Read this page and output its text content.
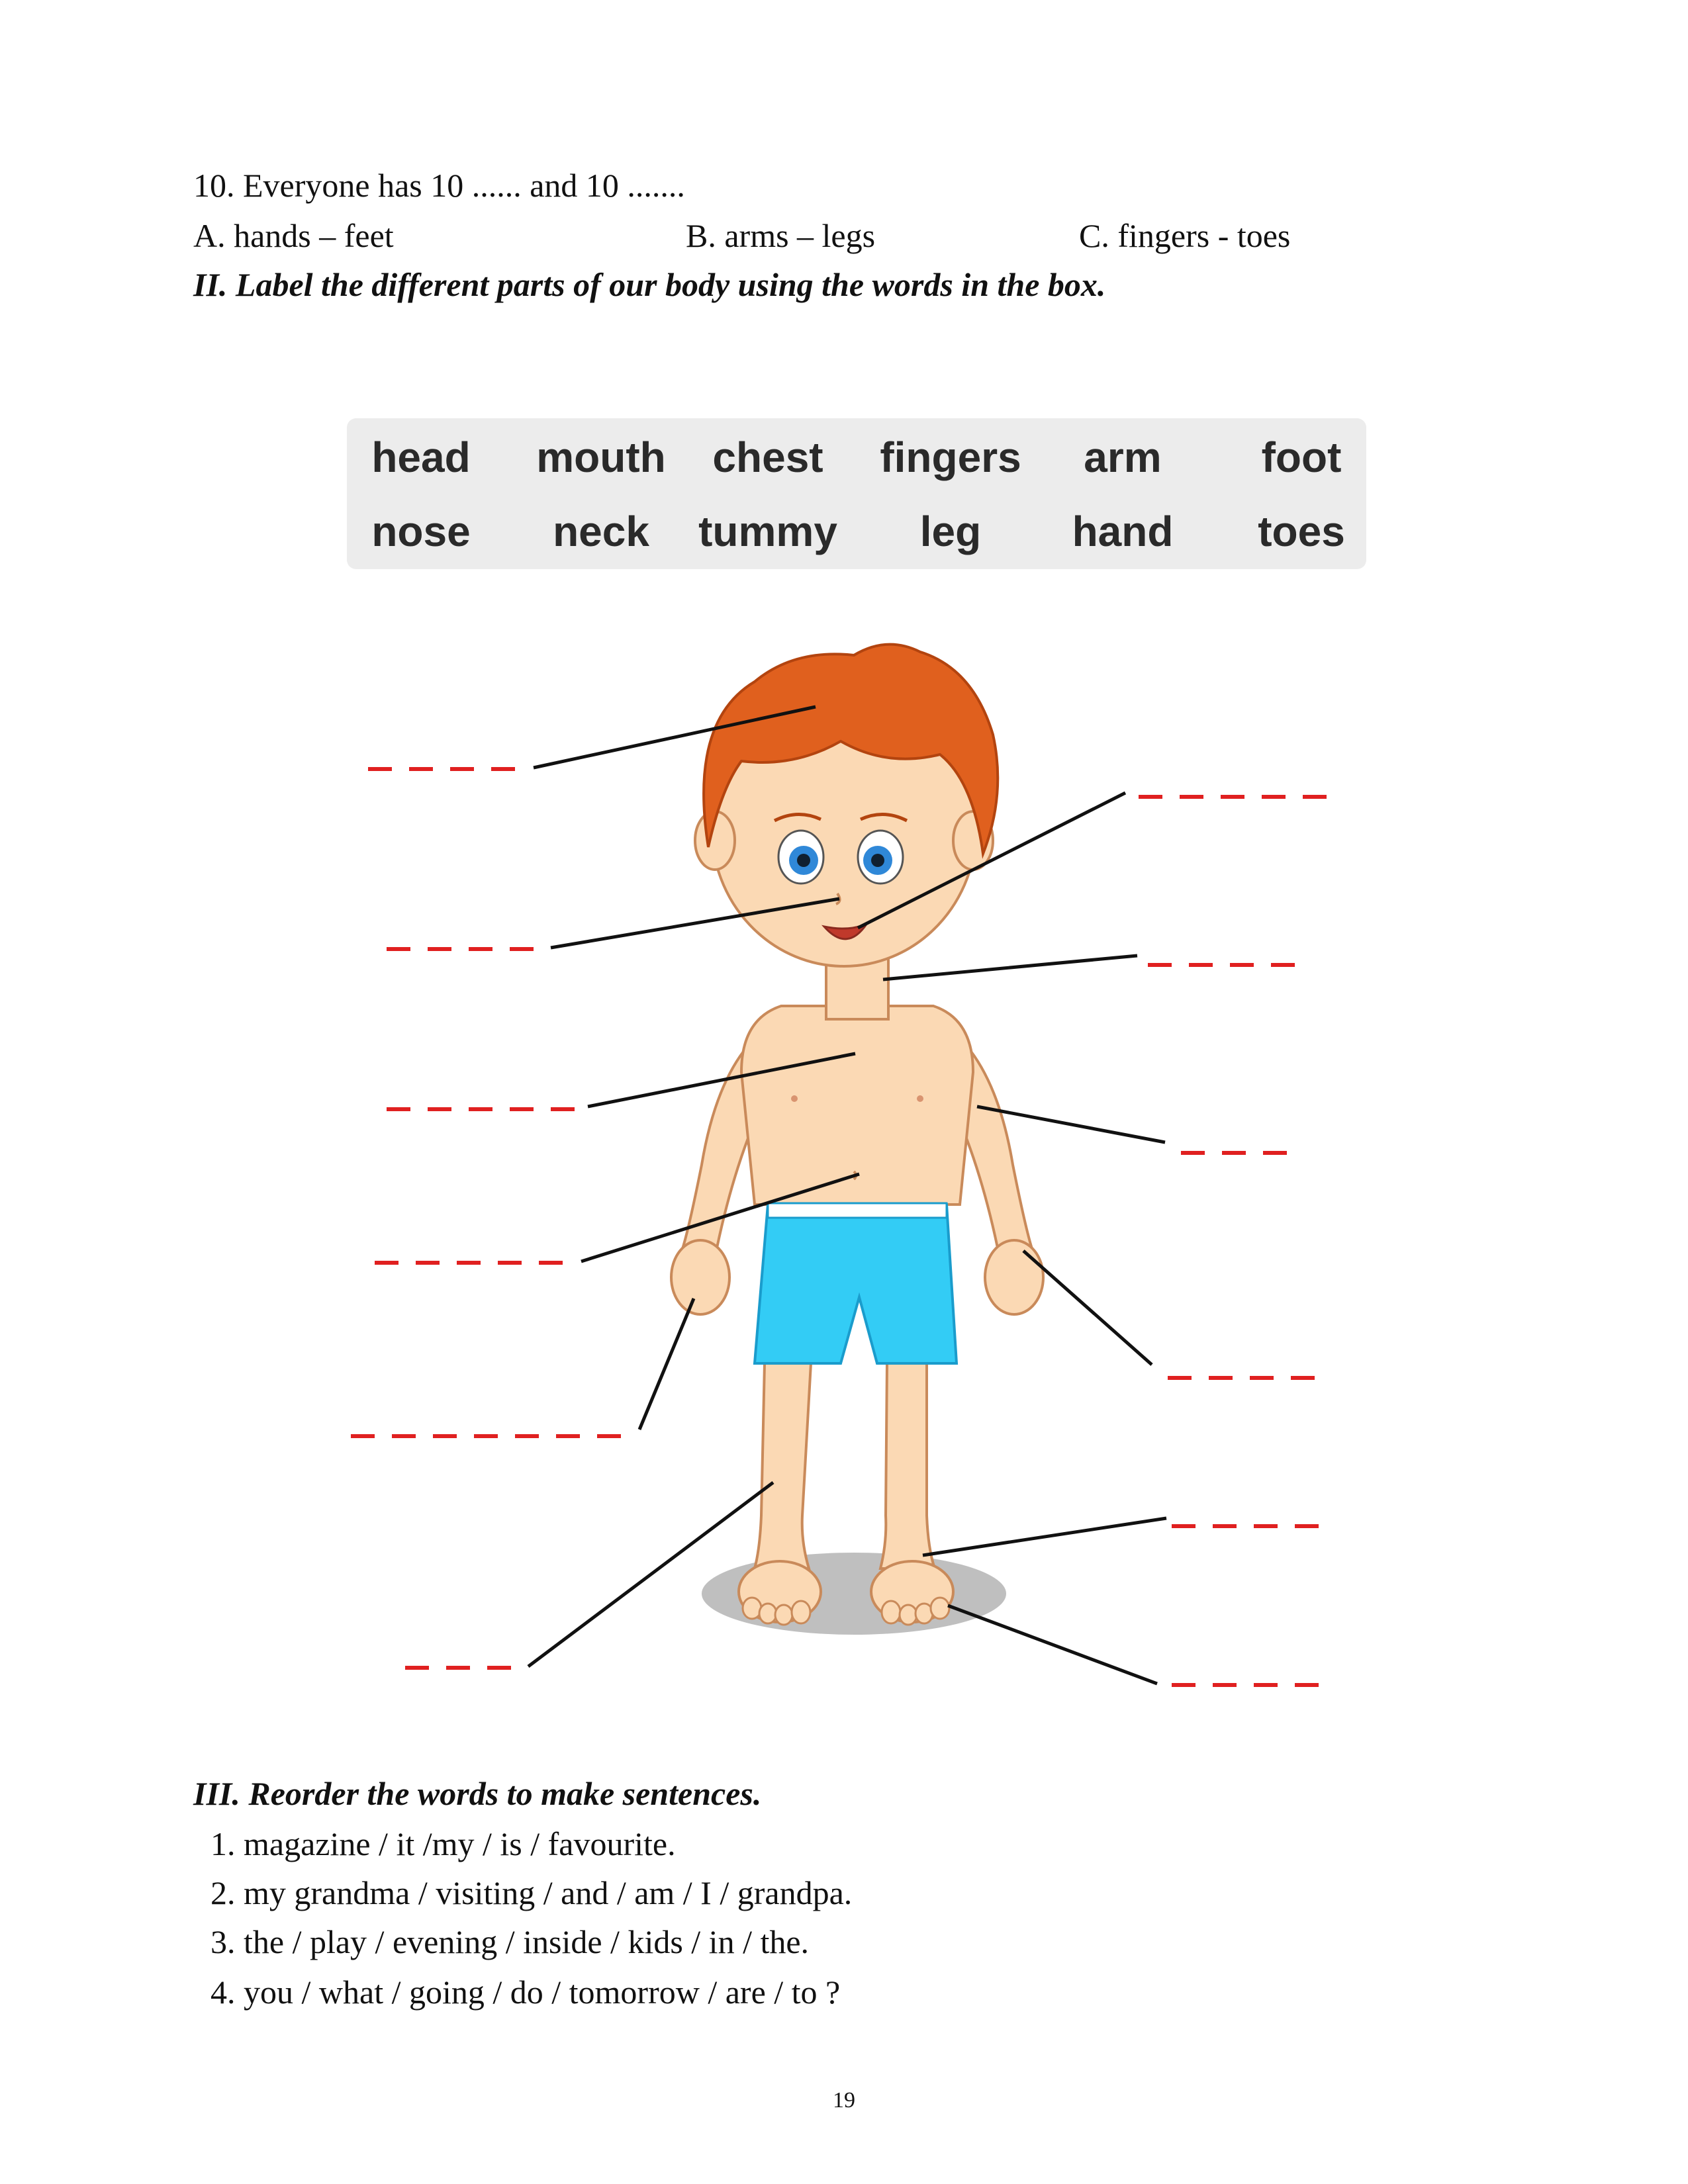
10. Everyone has 10 ...... and 10 .......
A. hands – feet	B. arms – legs	C. fingers - toes
II. Label the different parts of our body using the words in the box.
head mouth chest fingers arm foot
nose neck tummy leg hand toes
III. Reorder the words to make sentences.
1. magazine / it /my / is / favourite.
2. my grandma / visiting / and / am / I / grandpa.
3. the / play / evening / inside / kids / in / the.
4. you / what / going / do / tomorrow / are / to ?
19
